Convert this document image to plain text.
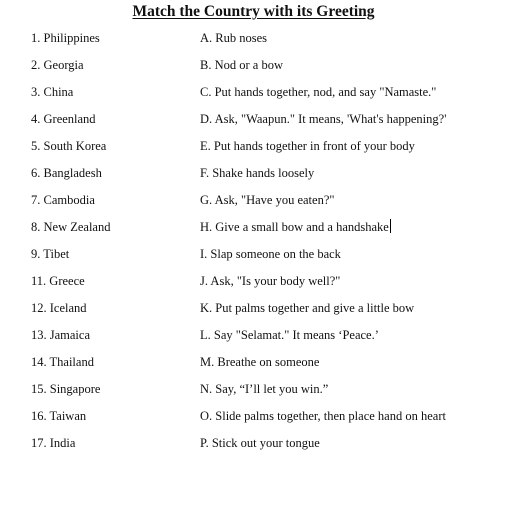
Match the Country with its Greeting
1. Philippines	A. Rub noses
2. Georgia	B. Nod or a bow
3. China	C. Put hands together, nod, and say "Namaste."
4. Greenland	D. Ask, "Waapun." It means, 'What's happening?'
5. South Korea	E. Put hands together in front of your body
6. Bangladesh	F. Shake hands loosely
7. Cambodia	G. Ask, "Have you eaten?"
8. New Zealand	H. Give a small bow and a handshake
9. Tibet	I. Slap someone on the back
11. Greece	J. Ask, "Is your body well?"
12. Iceland	K. Put palms together and give a little bow
13. Jamaica	L. Say "Selamat." It means ‘Peace.’
14. Thailand	M. Breathe on someone
15. Singapore	N. Say, “I’ll let you win.”
16. Taiwan	O. Slide palms together, then place hand on heart
17. India	P. Stick out your tongue
